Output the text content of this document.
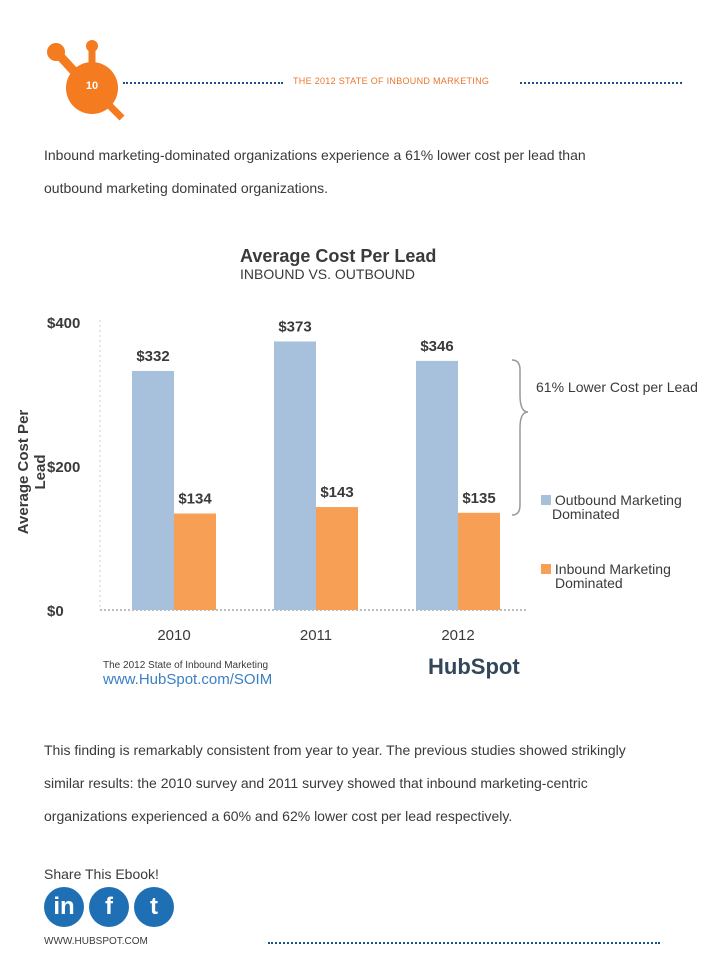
10	THE 2012 STATE OF INBOUND MARKETING
Inbound marketing-dominated organizations experience a 61% lower cost per lead than
outbound marketing dominated organizations.
Average Cost Per Lead
INBOUND VS. OUTBOUND
Average Cost Per Lead
$400
$200
$0
$332
$134
2010
$373
$143
2011
$346
$135
2012
61% Lower Cost per Lead
Outbound Marketing
Dominated
Inbound Marketing
Dominated
The 2012 State of Inbound Marketing
www.HubSpot.com/SOIM
HubSpot
This finding is remarkably consistent from year to year. The previous studies showed strikingly
similar results: the 2010 survey and 2011 survey showed that inbound marketing-centric
organizations experienced a 60% and 62% lower cost per lead respectively.
Share This Ebook!
in	f	t
WWW.HUBSPOT.COM
